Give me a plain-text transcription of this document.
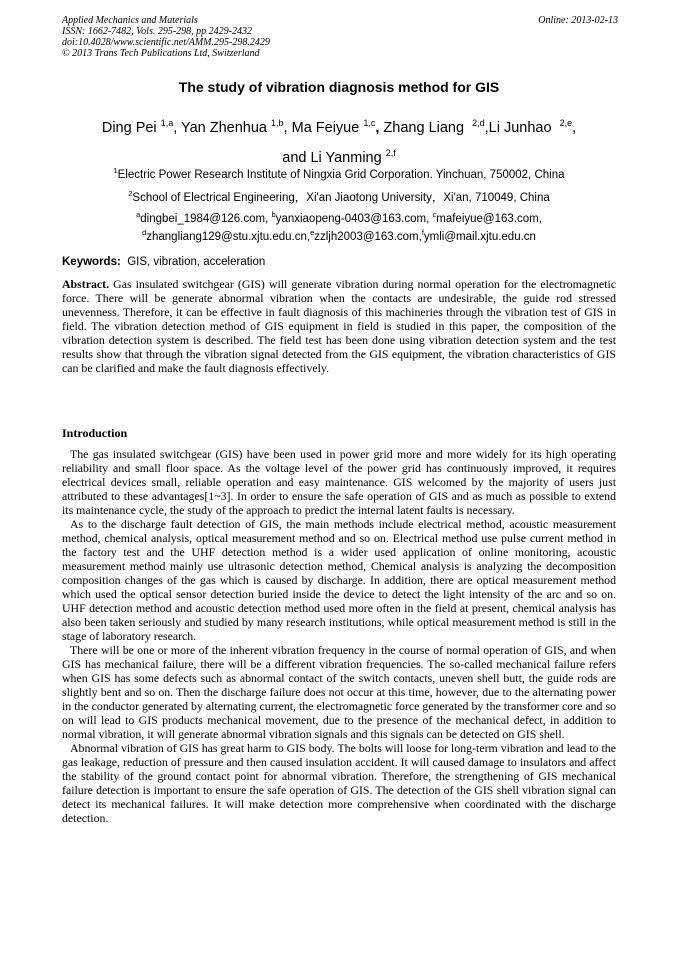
Applied Mechanics and Materials
ISSN: 1662-7482, Vols. 295-298, pp 2429-2432
doi:10.4028/www.scientific.net/AMM.295-298.2429
© 2013 Trans Tech Publications Ltd, Switzerland
Online: 2013-02-13
The study of vibration diagnosis method for GIS
Ding Pei $^{1,a}$, Yan Zhenhua $^{1,b}$, Ma Feiyue $^{1,c}$, Zhang Liang $^{2,d}$,Li Junhao $^{2,e}$,
and Li Yanming $^{2,f}$
$^1$Electric Power Research Institute of Ningxia Grid Corporation. Yinchuan, 750002, China
$^2$School of Electrical Engineering，Xi'an Jiaotong University，Xi'an, 710049, China
$^a$dingbei_1984@126.com, $^b$yanxiaopeng-0403@163.com, $^c$mafeiyue@163.com,
$^d$zhangliang129@stu.xjtu.edu.cn,$^e$zzljh2003@163.com,$^f$ymli@mail.xjtu.edu.cn
Keywords: GIS, vibration, acceleration
Abstract. Gas insulated switchgear (GIS) will generate vibration during normal operation for the electromagnetic force. There will be generate abnormal vibration when the contacts are undesirable, the guide rod stressed unevenness. Therefore, it can be effective in fault diagnosis of this machineries through the vibration test of GIS in field. The vibration detection method of GIS equipment in field is studied in this paper, the composition of the vibration detection system is described. The field test has been done using vibration detection system and the test results show that through the vibration signal detected from the GIS equipment, the vibration characteristics of GIS can be clarified and make the fault diagnosis effectively.
Introduction

The gas insulated switchgear (GIS) have been used in power grid more and more widely for its high operating reliability and small floor space. As the voltage level of the power grid has continuously improved, it requires electrical devices small, reliable operation and easy maintenance. GIS welcomed by the majority of users just attributed to these advantages[1~3]. In order to ensure the safe operation of GIS and as much as possible to extend its maintenance cycle, the study of the approach to predict the internal latent faults is necessary.

As to the discharge fault detection of GIS, the main methods include electrical method, acoustic measurement method, chemical analysis, optical measurement method and so on. Electrical method use pulse current method in the factory test and the UHF detection method is a wider used application of online monitoring, acoustic measurement method mainly use ultrasonic detection method, Chemical analysis is analyzing the decomposition composition changes of the gas which is caused by discharge. In addition, there are optical measurement method which used the optical sensor detection buried inside the device to detect the light intensity of the arc and so on. UHF detection method and acoustic detection method used more often in the field at present, chemical analysis has also been taken seriously and studied by many research institutions, while optical measurement method is still in the stage of laboratory research.

There will be one or more of the inherent vibration frequency in the course of normal operation of GIS, and when GIS has mechanical failure, there will be a different vibration frequencies. The so-called mechanical failure refers when GIS has some defects such as abnormal contact of the switch contacts, uneven shell butt, the guide rods are slightly bent and so on. Then the discharge failure does not occur at this time, however, due to the alternating power in the conductor generated by alternating current, the electromagnetic force generated by the transformer core and so on will lead to GIS products mechanical movement, due to the presence of the mechanical defect, in addition to normal vibration, it will generate abnormal vibration signals and this signals can be detected on GIS shell.

Abnormal vibration of GIS has great harm to GIS body. The bolts will loose for long-term vibration and lead to the gas leakage, reduction of pressure and then caused insulation accident. It will caused damage to insulators and affect the stability of the ground contact point for abnormal vibration. Therefore, the strengthening of GIS mechanical failure detection is important to ensure the safe operation of GIS. The detection of the GIS shell vibration signal can detect its mechanical failures. It will make detection more comprehensive when coordinated with the discharge detection.
